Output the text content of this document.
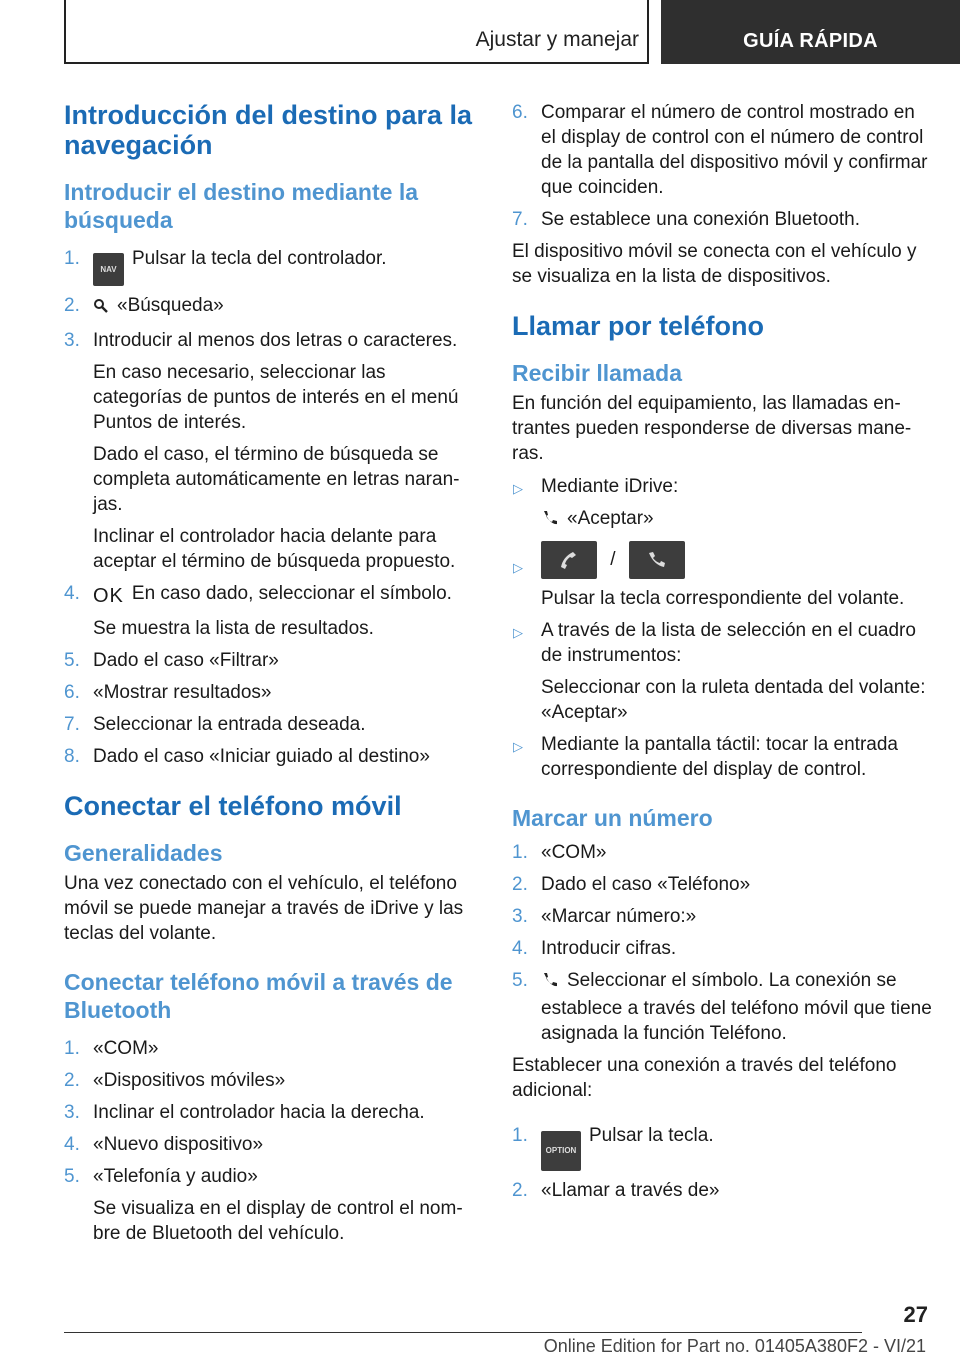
Ajustar y manejar	GUÍA RÁPIDA
Introducción del destino para la navegación
Introducir el destino mediante la búsqueda
1.
NAVPulsar la tecla del controlador.
2. «Búsqueda»
3. Introducir al menos dos letras o caracteres.
En caso necesario, seleccionar las categorías de puntos de interés en el menú Puntos de interés.
Dado el caso, el término de búsqueda se completa automáticamente en letras naranjas.
Inclinar el controlador hacia delante para aceptar el término de búsqueda propuesto.
4. OK En caso dado, seleccionar el símbolo.
Se muestra la lista de resultados.
5. Dado el caso «Filtrar»
6. «Mostrar resultados»
7. Seleccionar la entrada deseada.
8. Dado el caso «Iniciar guiado al destino»
Conectar el teléfono móvil
Generalidades

Una vez conectado con el vehículo, el teléfono móvil se puede manejar a través de iDrive y las teclas del volante.

Conectar teléfono móvil a través de Bluetooth
1. «COM»
2. «Dispositivos móviles»
3. Inclinar el controlador hacia la derecha.
4. «Nuevo dispositivo»
5. «Telefonía y audio»
Se visualiza en el display de control el nombre de Bluetooth del vehículo.
6. Comparar el número de control mostrado en el display de control con el número de control de la pantalla del dispositivo móvil y confirmar que coinciden.
7. Se establece una conexión Bluetooth.

El dispositivo móvil se conecta con el vehículo y se visualiza en la lista de dispositivos.

Llamar por teléfono
Recibir llamada

En función del equipamiento, las llamadas entrantes pueden responderse de diversas maneras.

▷ Mediante iDrive:
«Aceptar»
▷	/
Pulsar la tecla correspondiente del volante.
▷ A través de la lista de selección en el cuadro de instrumentos:
Seleccionar con la ruleta dentada del volante: «Aceptar»
▷ Mediante la pantalla táctil: tocar la entrada correspondiente del display de control.
Marcar un número
1. «COM»
2. Dado el caso «Teléfono»
3. «Marcar número:»
4. Introducir cifras.
5. Seleccionar el símbolo. La conexión se establece a través del teléfono móvil que tiene asignada la función Teléfono.

Establecer una conexión a través del teléfono adicional:

1.
OPTIONPulsar la tecla.
2. «Llamar a través de»
27
Online Edition for Part no. 01405A380F2 - VI/21
